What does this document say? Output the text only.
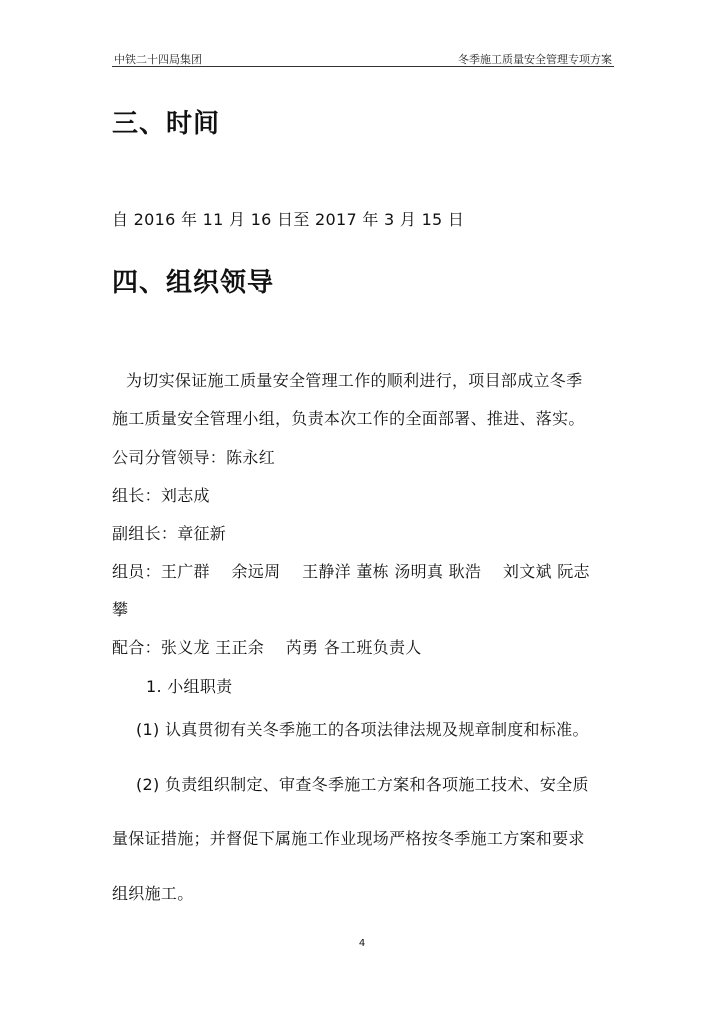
中铁二十四局集团	冬季施工质量安全管理专项方案
三、时间
自 2016 年 11 月 16 日至 2017 年 3 月 15 日
四、组织领导
为切实保证施工质量安全管理工作的顺利进行，项目部成立冬季
施工质量安全管理小组，负责本次工作的全面部署、推进、落实。
公司分管领导：陈永红
组长：刘志成
副组长：章征新
组员：王广群　 余远周　 王静洋 董栋 汤明真 耿浩　 刘文斌 阮志
攀
配合：张义龙 王正余　 芮勇 各工班负责人
1. 小组职责
(1) 认真贯彻有关冬季施工的各项法律法规及规章制度和标准。
(2) 负责组织制定、审查冬季施工方案和各项施工技术、安全质
量保证措施；并督促下属施工作业现场严格按冬季施工方案和要求
组织施工。
4
